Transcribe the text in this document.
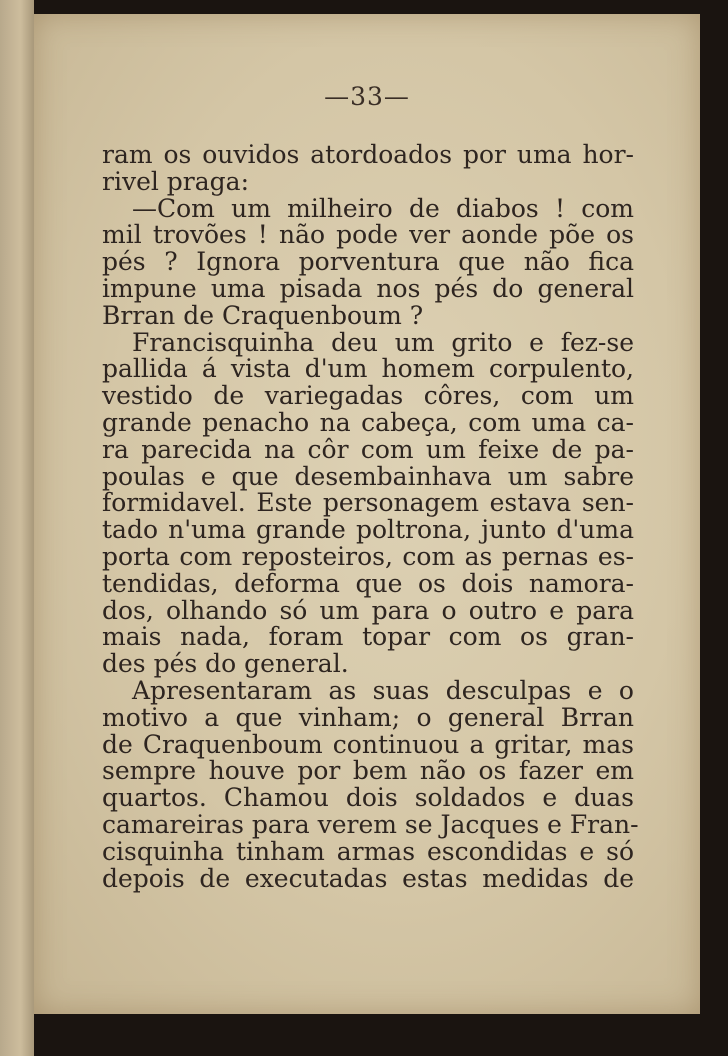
—33—
ram os ouvidos atordoados por uma hor-
rivel praga:
—Com um milheiro de diabos ! com
mil trovões ! não pode ver aonde põe os
pés ? Ignora porventura que não fica
impune uma pisada nos pés do general
Brran de Craquenboum ?
Francisquinha deu um grito e fez-se
pallida á vista d'um homem corpulento,
vestido de variegadas côres, com um
grande penacho na cabeça, com uma ca-
ra parecida na côr com um feixe de pa-
poulas e que desembainhava um sabre
formidavel. Este personagem estava sen-
tado n'uma grande poltrona, junto d'uma
porta com reposteiros, com as pernas es-
tendidas, deforma que os dois namora-
dos, olhando só um para o outro e para
mais nada, foram topar com os gran-
des pés do general.
Apresentaram as suas desculpas e o
motivo a que vinham; o general Brran
de Craquenboum continuou a gritar, mas
sempre houve por bem não os fazer em
quartos. Chamou dois soldados e duas
camareiras para verem se Jacques e Fran-
cisquinha tinham armas escondidas e só
depois de executadas estas medidas de
